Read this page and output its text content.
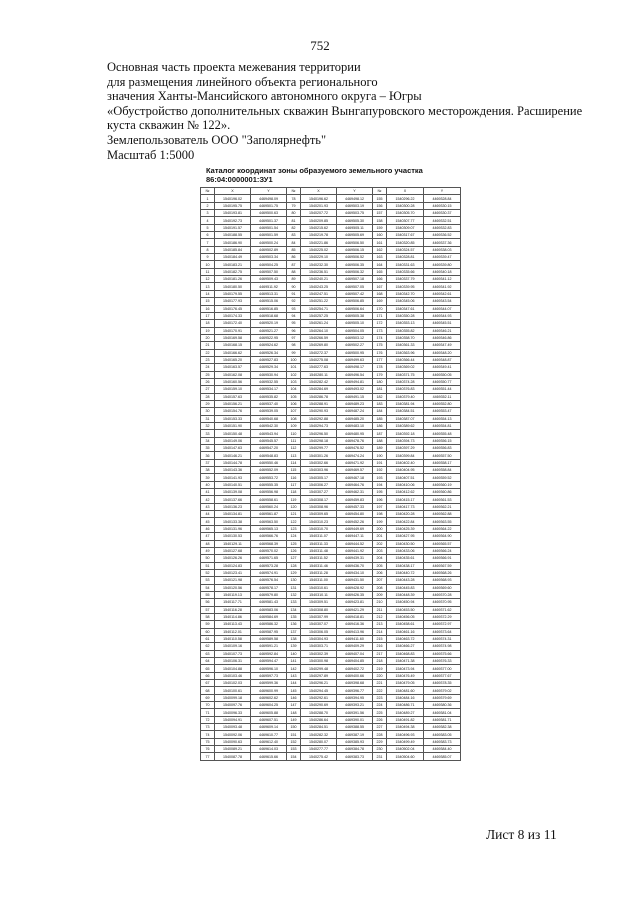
752
Основная часть проекта межевания территории
для размещения линейного объекта регионального
значения Ханты-Мансийского автономного округа – Югры
«Обустройство дополнительных скважин Вынгапуровского месторождения. Расширение
куста скважин № 122».
Землепользователь ООО "Заполярнефть"
Масштаб 1:5000
Каталог координат зоны образуемого земельного участка
86:04:0000001:ЗУ1
№	X	Y	№	X	Y	№	X	Y
1	1540196.02	4469498.09	78	1540196.62	4469498.12	155	1540296.22	4469328.84
2	1540195.75	4469501.75	79	1540201.93	4469503.19	156	1540300.28	4469330.15
3	1540193.81	4469500.63	80	1540207.72	4469503.75	157	1540305.70	4469330.37
4	1540192.73	4469501.37	81	1540209.85	4469505.30	158	1540307.77	4469332.51
5	1540191.57	4469501.54	82	1540215.62	4469505.11	159	1540309.07	4469332.83
6	1540188.55	4469501.59	83	1540219.78	4469505.69	160	1540317.67	4469336.52
7	1540186.90	4469500.24	84	1540221.86	4469506.50	161	1540320.85	4469337.36
8	1540185.84	4469502.89	85	1540225.02	4469506.15	162	1540324.57	4469338.03
9	1540184.49	4469503.34	86	1540229.10	4469506.52	163	1540328.81	4469339.47
10	1540183.21	4469504.25	87	1540232.30	4469506.35	164	1540331.63	4469339.80
11	1540182.75	4469507.50	88	1540236.51	4469506.32	165	1540335.66	4469340.18
12	1540181.26	4469509.43	89	1540240.21	4469507.18	166	1540337.79	4469341.12
13	1540180.50	4469511.92	90	1540243.25	4469507.05	167	1540339.95	4469341.92
14	1540179.55	4469513.31	91	1540247.51	4469507.42	168	1540342.70	4469342.61
15	1540177.93	4469515.06	92	1540251.22	4469506.85	169	1540345.06	4469343.54
16	1540176.45	4469516.85	93	1540254.71	4469506.64	170	1540347.61	4469344.07
17	1540174.33	4469518.68	94	1540257.25	4469505.38	171	1540350.28	4469344.93
18	1540172.40	4469520.19	95	1540261.24	4469505.10	172	1540353.13	4469345.51
19	1540170.91	4469521.27	96	1540264.10	4469504.05	173	1540355.82	4469346.21
20	1540169.58	4469522.95	97	1540266.59	4469503.12	174	1540358.70	4469346.86
21	1540168.15	4469524.62	98	1540269.80	4469502.27	175	1540361.33	4469347.49
22	1540166.62	4469526.34	99	1540272.37	4469500.95	176	1540363.96	4469348.20
23	1540165.20	4469527.83	100	1540275.08	4469499.63	177	1540366.44	4469348.87
24	1540163.57	4469529.34	101	1540277.63	4469498.17	178	1540369.02	4469349.41
25	1540162.08	4469530.94	102	1540280.11	4469496.54	179	1540371.75	4469350.05
26	1540160.56	4469532.55	103	1540282.42	4469494.81	180	1540374.28	4469350.77
27	1540159.10	4469534.17	104	1540284.69	4469493.02	181	1540376.83	4469351.44
28	1540157.63	4469535.82	105	1540286.78	4469491.15	182	1540379.40	4469352.11
29	1540156.21	4469537.40	106	1540288.91	4469489.23	183	1540381.94	4469352.80
30	1540154.76	4469539.05	107	1540290.93	4469487.24	184	1540384.51	4469353.47
31	1540153.33	4469540.68	108	1540292.88	4469485.20	185	1540387.07	4469354.13
32	1540151.90	4469542.30	109	1540294.73	4469483.10	186	1540389.62	4469354.81
33	1540150.48	4469543.94	110	1540296.50	4469480.95	187	1540392.18	4469355.48
34	1540149.06	4469545.57	111	1540298.18	4469478.76	188	1540394.73	4469356.15
35	1540147.63	4469547.20	112	1540299.77	4469476.52	189	1540397.29	4469356.83
36	1540146.21	4469548.83	113	1540301.26	4469474.24	190	1540399.84	4469357.50
37	1540144.78	4469550.46	114	1540302.66	4469471.92	191	1540402.40	4469358.17
38	1540143.36	4469552.09	115	1540303.96	4469469.57	192	1540404.95	4469358.84
39	1540141.93	4469553.72	116	1540305.17	4469467.18	193	1540407.51	4469359.52
40	1540140.51	4469555.35	117	1540306.27	4469464.76	194	1540410.06	4469360.19
41	1540139.08	4469556.98	118	1540307.27	4469462.31	195	1540412.62	4469360.86
42	1540137.66	4469558.61	119	1540308.17	4469459.83	196	1540415.17	4469361.53
43	1540136.23	4469560.24	120	1540308.96	4469457.33	197	1540417.73	4469362.21
44	1540134.81	4469561.87	121	1540309.65	4469454.80	198	1540420.28	4469362.88
45	1540133.38	4469563.50	122	1540310.23	4469452.26	199	1540422.84	4469363.55
46	1540131.96	4469565.13	123	1540310.70	4469449.69	200	1540425.39	4469364.22
47	1540130.53	4469566.76	124	1540311.07	4469447.11	201	1540427.95	4469364.90
48	1540129.11	4469568.39	125	1540311.33	4469444.52	202	1540430.50	4469365.57
49	1540127.68	4469570.02	126	1540311.48	4469441.92	203	1540433.06	4469366.24
50	1540126.26	4469571.65	127	1540311.52	4469439.31	204	1540435.61	4469366.91
51	1540124.83	4469573.28	128	1540311.46	4469436.70	205	1540438.17	4469367.59
52	1540123.41	4469574.91	129	1540311.28	4469434.10	206	1540440.72	4469368.26
53	1540121.98	4469576.54	130	1540311.00	4469431.50	207	1540443.28	4469368.93
54	1540120.56	4469578.17	131	1540310.61	4469428.92	208	1540445.83	4469369.60
55	1540119.13	4469579.80	132	1540310.11	4469426.35	209	1540448.39	4469370.28
56	1540117.71	4469581.43	133	1540309.51	4469423.81	210	1540450.94	4469370.95
57	1540116.28	4469583.06	134	1540308.80	4469421.29	211	1540453.50	4469371.62
58	1540114.86	4469584.69	135	1540307.99	4469418.81	212	1540456.05	4469372.29
59	1540113.43	4469586.32	136	1540307.07	4469416.36	213	1540458.61	4469372.97
60	1540112.01	4469587.95	137	1540306.05	4469413.96	214	1540461.16	4469373.64
61	1540110.58	4469589.58	138	1540304.93	4469411.60	215	1540463.72	4469374.31
62	1540109.16	4469591.21	139	1540303.71	4469409.29	216	1540466.27	4469374.98
63	1540107.73	4469592.84	140	1540302.39	4469407.04	217	1540468.83	4469375.66
64	1540106.31	4469594.47	141	1540300.98	4469404.85	218	1540471.38	4469376.33
65	1540104.88	4469596.10	142	1540299.48	4469402.72	219	1540473.94	4469377.00
66	1540103.46	4469597.73	143	1540297.89	4469400.66	220	1540476.49	4469377.67
67	1540102.03	4469599.36	144	1540296.21	4469398.68	221	1540479.05	4469378.35
68	1540100.61	4469600.99	145	1540294.45	4469396.77	222	1540481.60	4469379.02
69	1540099.18	4469602.62	146	1540292.61	4469394.95	223	1540484.16	4469379.69
70	1540097.76	4469604.25	147	1540290.69	4469393.21	224	1540486.71	4469380.36
71	1540096.33	4469605.88	148	1540288.70	4469391.56	225	1540489.27	4469381.04
72	1540094.91	4469607.51	149	1540286.64	4469390.01	226	1540491.82	4469381.71
73	1540093.48	4469609.14	150	1540284.51	4469388.55	227	1540494.38	4469382.38
74	1540092.06	4469610.77	151	1540282.32	4469387.19	228	1540496.93	4469383.05
75	1540090.63	4469612.40	152	1540280.07	4469385.93	229	1540499.49	4469383.73
76	1540089.21	4469614.03	153	1540277.77	4469384.78	230	1540502.04	4469384.40
77	1540087.78	4469615.66	154	1540275.42	4469383.73	231	1540504.60	4469385.07
Лист 8 из 11
